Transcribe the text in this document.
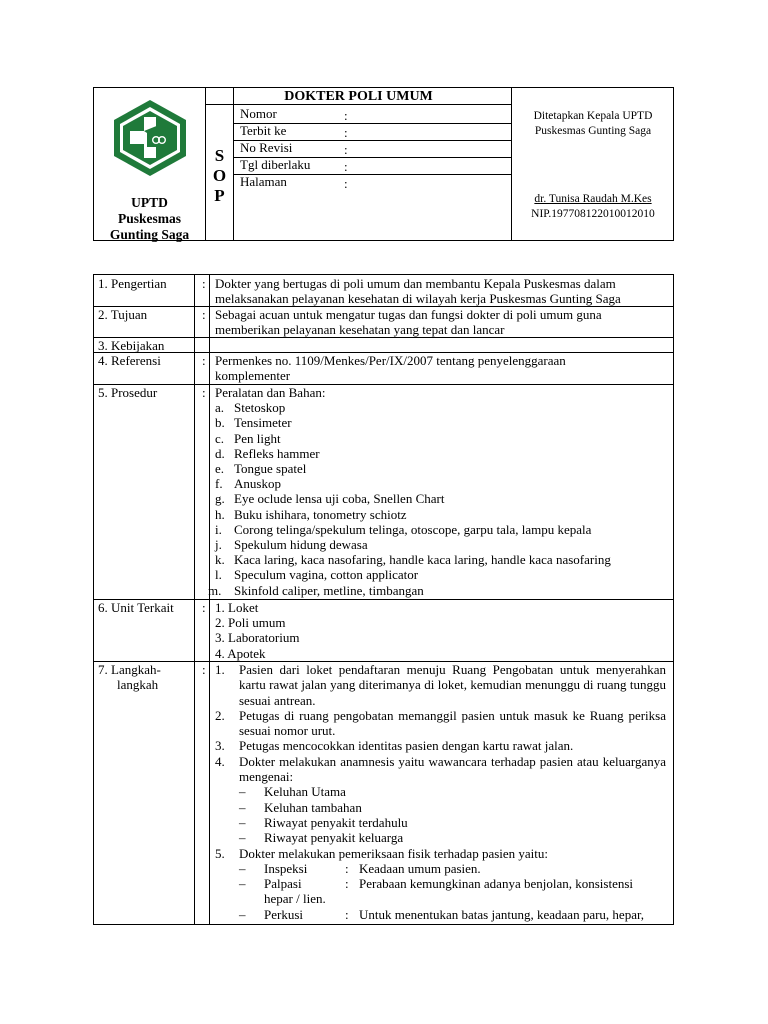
UPTD
Puskesmas
Gunting Saga
DOKTER POLI UMUM
S
O
P
Nomor	:
Terbit ke	:
No Revisi	:
Tgl diberlaku	:
Halaman	:
Ditetapkan Kepala UPTD
Puskesmas Gunting Saga
dr. Tunisa Raudah M.Kes
NIP.197708122010012010
1. Pengertian	: Dokter yang bertugas di poli umum dan membantu Kepala Puskesmas dalam
melaksanakan pelayanan kesehatan di wilayah kerja Puskesmas Gunting Saga
2. Tujuan	: Sebagai acuan untuk mengatur tugas dan fungsi dokter di poli umum guna
memberikan pelayanan kesehatan yang tepat dan lancar
3. Kebijakan
4. Referensi	: Permenkes no. 1109/Menkes/Per/IX/2007 tentang penyelenggaraan
komplementer
5. Prosedur	: Peralatan dan Bahan:
a. Stetoskop
b. Tensimeter
c. Pen light
d. Refleks hammer
e. Tongue spatel
f. Anuskop
g. Eye oclude lensa uji coba, Snellen Chart
h. Buku ishihara, tonometry schiotz
i. Corong telinga/spekulum telinga, otoscope, garpu tala, lampu kepala
j. Spekulum hidung dewasa
k. Kaca laring, kaca nasofaring, handle kaca laring, handle kaca nasofaring
l. Speculum vagina, cotton applicator
m. Skinfold caliper, metline, timbangan
6. Unit Terkait : 1. Loket
2. Poli umum
3. Laboratorium
4. Apotek
7. Langkah-
langkah
: 1.	Pasien dari loket pendaftaran menuju Ruang Pengobatan untuk menyerahkan kartu rawat jalan yang diterimanya di loket, kemudian menunggu di ruang tunggu sesuai antrean.
2.	Petugas di ruang pengobatan memanggil pasien untuk masuk ke Ruang periksa sesuai nomor urut.
3.	Petugas mencocokkan identitas pasien dengan kartu rawat jalan.
4.	Dokter melakukan anamnesis yaitu wawancara terhadap pasien atau keluarganya mengenai:
–	Keluhan Utama
–	Keluhan tambahan
–	Riwayat penyakit terdahulu
–	Riwayat penyakit keluarga
5.	Dokter melakukan pemeriksaan fisik terhadap pasien yaitu:
–	Inspeksi	: Keadaan umum pasien.
–	Palpasi	: Perabaan kemungkinan adanya benjolan, konsistensi
hepar / lien.
–	Perkusi	: Untuk menentukan batas jantung, keadaan paru, hepar,
